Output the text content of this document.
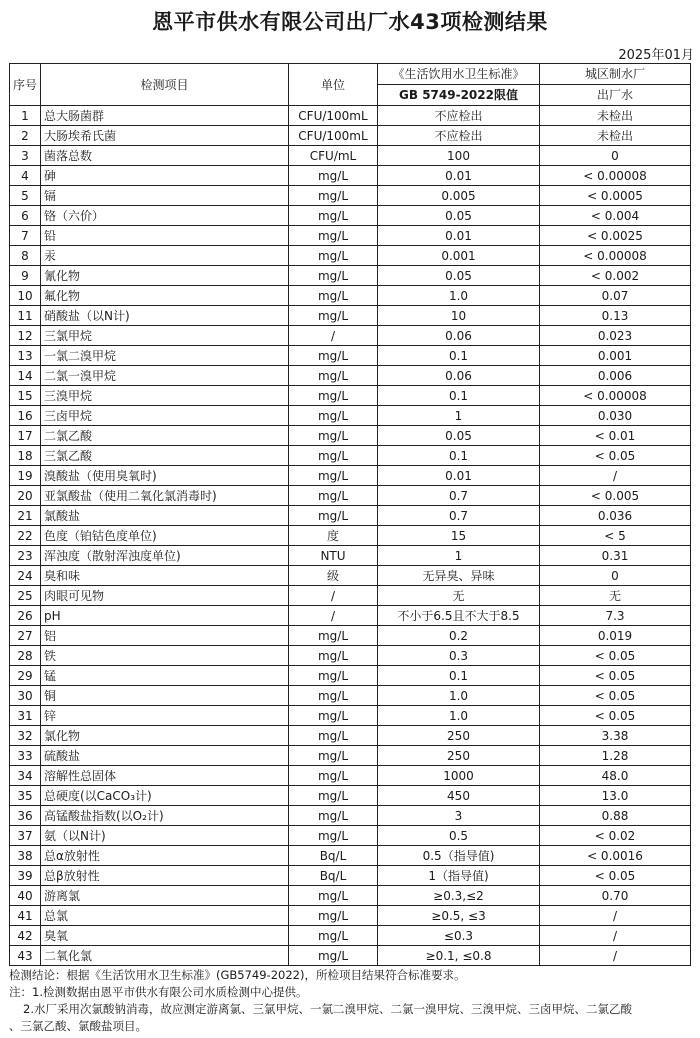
恩平市供水有限公司出厂水43项检测结果
2025年01月
序号	检测项目	单位	《生活饮用水卫生标准》	城区制水厂
			GB 5749-2022限值	出厂水
1	总大肠菌群	CFU/100mL	不应检出	未检出
2	大肠埃希氏菌	CFU/100mL	不应检出	未检出
3	菌落总数	CFU/mL	100	0
4	砷	mg/L	0.01	< 0.00008
5	镉	mg/L	0.005	< 0.0005
6	铬（六价）	mg/L	0.05	< 0.004
7	铅	mg/L	0.01	< 0.0025
8	汞	mg/L	0.001	< 0.00008
9	氰化物	mg/L	0.05	< 0.002
10	氟化物	mg/L	1.0	0.07
11	硝酸盐（以N计)	mg/L	10	0.13
12	三氯甲烷	/	0.06	0.023
13	一氯二溴甲烷	mg/L	0.1	0.001
14	二氯一溴甲烷	mg/L	0.06	0.006
15	三溴甲烷	mg/L	0.1	< 0.00008
16	三卤甲烷	mg/L	1	0.030
17	二氯乙酸	mg/L	0.05	< 0.01
18	三氯乙酸	mg/L	0.1	< 0.05
19	溴酸盐（使用臭氧时)	mg/L	0.01	/
20	亚氯酸盐（使用二氧化氯消毒时)	mg/L	0.7	< 0.005
21	氯酸盐	mg/L	0.7	0.036
22	色度（铂钴色度单位)	度	15	< 5
23	浑浊度（散射浑浊度单位)	NTU	1	0.31
24	臭和味	级	无异臭、异味	0
25	肉眼可见物	/	无	无
26	pH	/	不小于6.5且不大于8.5	7.3
27	铝	mg/L	0.2	0.019
28	铁	mg/L	0.3	< 0.05
29	锰	mg/L	0.1	< 0.05
30	铜	mg/L	1.0	< 0.05
31	锌	mg/L	1.0	< 0.05
32	氯化物	mg/L	250	3.38
33	硫酸盐	mg/L	250	1.28
34	溶解性总固体	mg/L	1000	48.0
35	总硬度(以CaCO₃计)	mg/L	450	13.0
36	高锰酸盐指数(以O₂计)	mg/L	3	0.88
37	氨（以N计)	mg/L	0.5	< 0.02
38	总α放射性	Bq/L	0.5（指导值)	< 0.0016
39	总β放射性	Bq/L	1（指导值)	< 0.05
40	游离氯	mg/L	≥0.3,≤2	0.70
41	总氯	mg/L	≥0.5, ≤3	/
42	臭氧	mg/L	≤0.3	/
43	二氧化氯	mg/L	≥0.1, ≤0.8	/
检测结论：根据《生活饮用水卫生标准》(GB5749-2022)，所检项目结果符合标准要求。
注：1.检测数据由恩平市供水有限公司水质检测中心提供。
2.水厂采用次氯酸钠消毒，故应测定游离氯、三氯甲烷、一氯二溴甲烷、二氯一溴甲烷、三溴甲烷、三卤甲烷、二氯乙酸
、三氯乙酸、氯酸盐项目。
